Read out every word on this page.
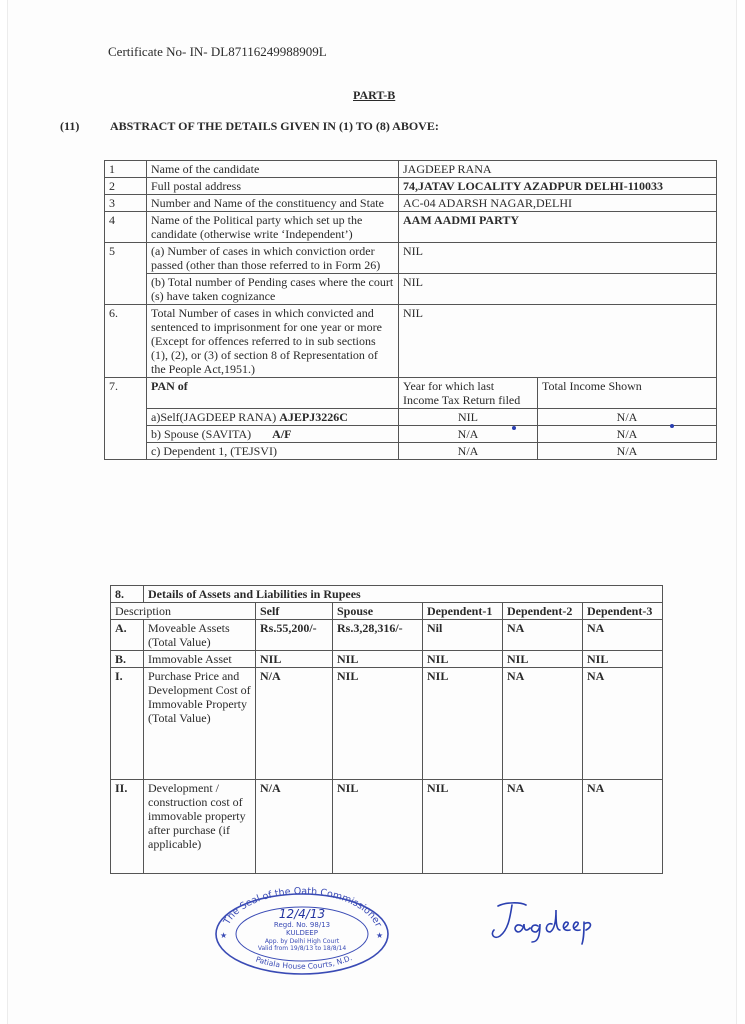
Certificate No- IN- DL87116249988909L
PART-B
(11)	ABSTRACT OF THE DETAILS GIVEN IN (1) TO (8) ABOVE:
1	Name of the candidate	JAGDEEP RANA	
2	Full postal address	74,JATAV LOCALITY AZADPUR DELHI-110033	
3	Number and Name of the constituency and State	AC-04 ADARSH NAGAR,DELHI	
4	Name of the Political party which set up the candidate (otherwise write ‘Independent’)	AAM AADMI PARTY	
5	(a) Number of cases in which conviction order passed (other than those referred to in Form 26)	NIL	
	(b) Total number of Pending cases where the court (s) have taken cognizance	NIL	
6.	Total Number of cases in which convicted and sentenced to imprisonment for one year or more (Except for offences referred to in sub sections (1), (2), or (3) of section 8 of Representation of the People Act,1951.)	NIL	
7.	PAN of	Year for which last Income Tax Return filed	Total Income Shown
	a)Self(JAGDEEP RANA) AJEPJ3226C	NIL	N/A
	b) Spouse (SAVITA) A/F	N/A	N/A
	c) Dependent 1, (TEJSVI)	N/A	N/A
8.	Details of Assets and Liabilities in Rupees					
Description		Self	Spouse	Dependent-1	Dependent-2	Dependent-3
A.	Moveable Assets (Total Value)	Rs.55,200/-	Rs.3,28,316/-	Nil	NA	NA
B.	Immovable Asset	NIL	NIL	NIL	NIL	NIL
I.	Purchase Price and Development Cost of Immovable Property (Total Value)	N/A	NIL	NIL	NA	NA
II.	Development / construction cost of immovable property after purchase (if applicable)	N/A	NIL	NIL	NA	NA
The Seal of the Oath Commissioner
Patiala House Courts, N.D.
12/4/13
Regd. No. 98/13
KULDEEP
App. by Delhi High Court
Valid from 19/8/13 to 18/8/14
★	★
